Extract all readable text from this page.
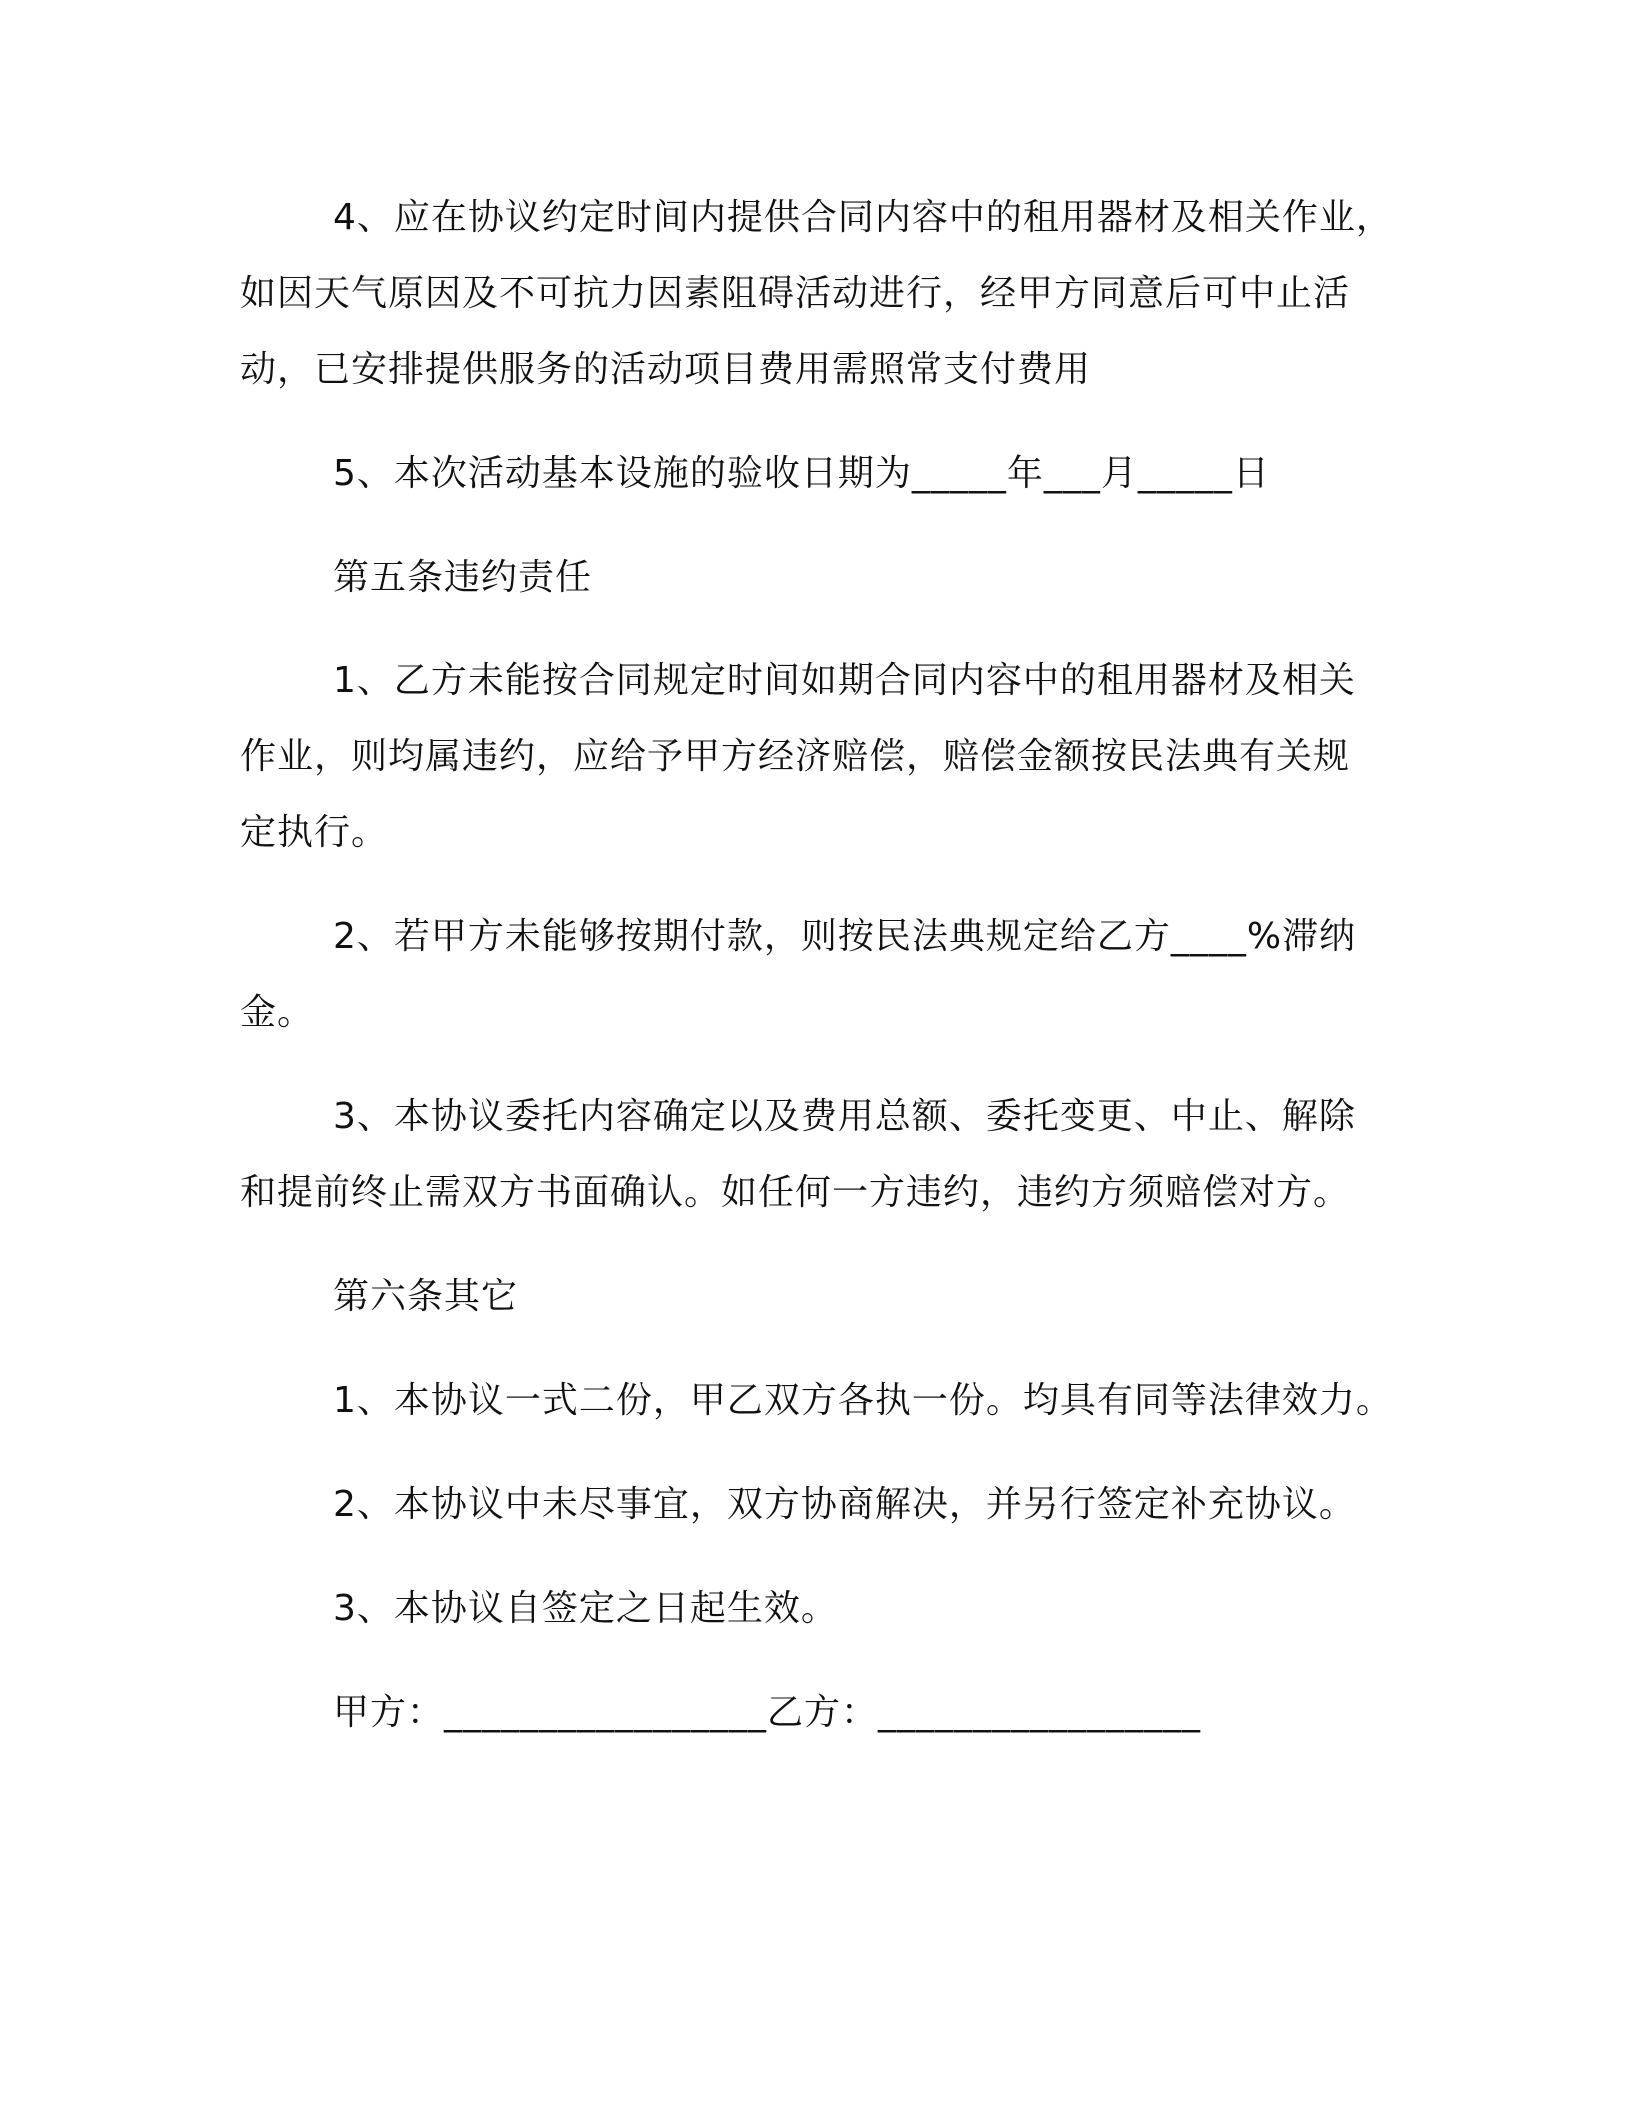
4、应在协议约定时间内提供合同内容中的租用器材及相关作业，
如因天气原因及不可抗力因素阻碍活动进行，经甲方同意后可中止活
动，已安排提供服务的活动项目费用需照常支付费用
5、本次活动基本设施的验收日期为_____年___月_____日
第五条违约责任
1、乙方未能按合同规定时间如期合同内容中的租用器材及相关
作业，则均属违约，应给予甲方经济赔偿，赔偿金额按民法典有关规
定执行。
2、若甲方未能够按期付款，则按民法典规定给乙方____%滞纳
金。
3、本协议委托内容确定以及费用总额、委托变更、中止、解除
和提前终止需双方书面确认。如任何一方违约，违约方须赔偿对方。
第六条其它
1、本协议一式二份，甲乙双方各执一份。均具有同等法律效力。
2、本协议中未尽事宜，双方协商解决，并另行签定补充协议。
3、本协议自签定之日起生效。
甲方：_________________乙方：_________________
